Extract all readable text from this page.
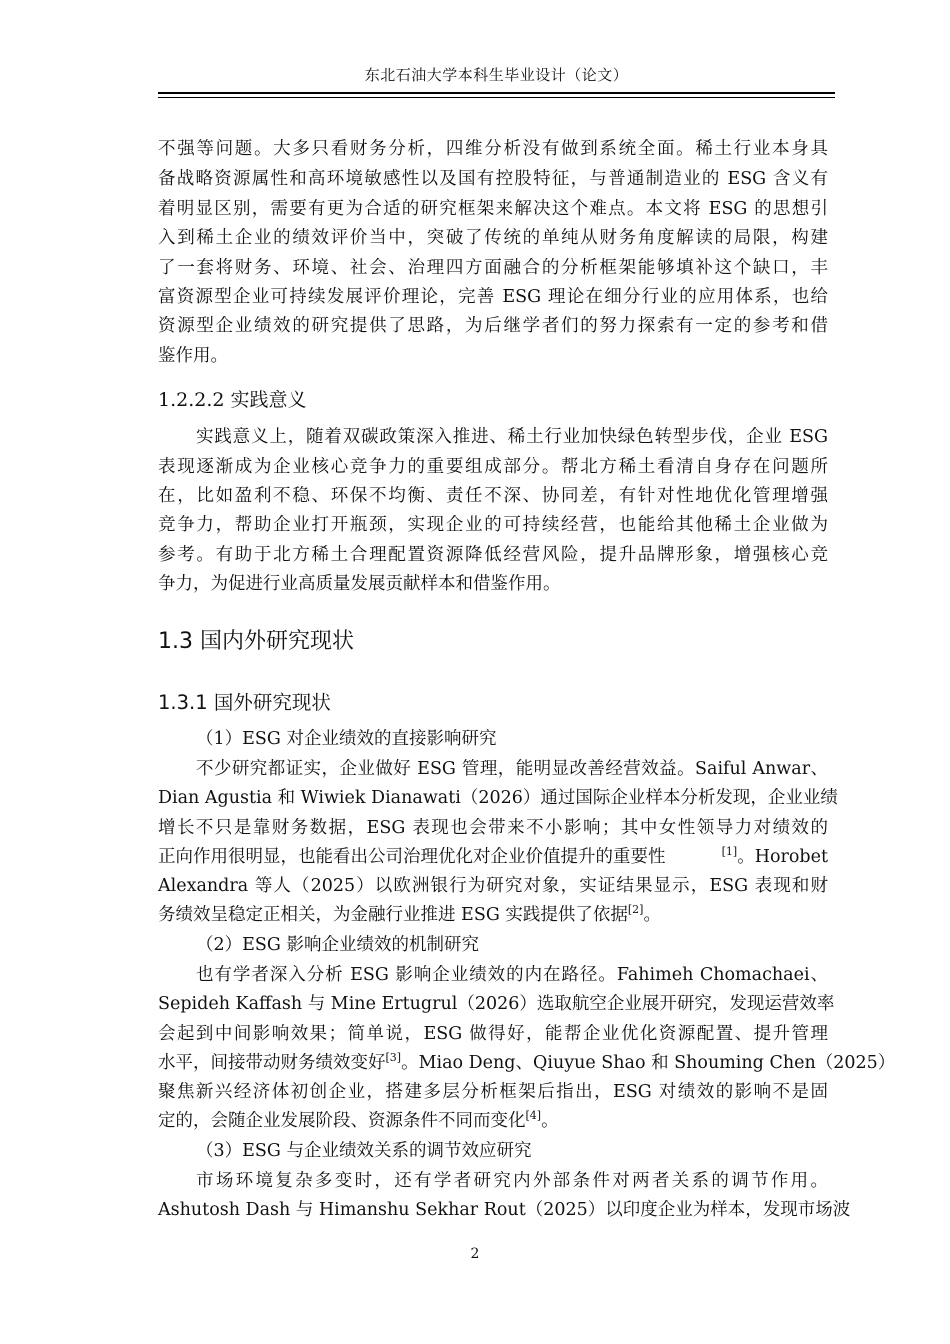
东北石油大学本科生毕业设计（论文）
不强等问题。大多只看财务分析，四维分析没有做到系统全面。稀土行业本身具
备战略资源属性和高环境敏感性以及国有控股特征，与普通制造业的 ESG 含义有
着明显区别，需要有更为合适的研究框架来解决这个难点。本文将 ESG 的思想引
入到稀土企业的绩效评价当中，突破了传统的单纯从财务角度解读的局限，构建
了一套将财务、环境、社会、治理四方面融合的分析框架能够填补这个缺口，丰
富资源型企业可持续发展评价理论，完善 ESG 理论在细分行业的应用体系，也给
资源型企业绩效的研究提供了思路，为后继学者们的努力探索有一定的参考和借
鉴作用。
1.2.2.2 实践意义
实践意义上，随着双碳政策深入推进、稀土行业加快绿色转型步伐，企业 ESG
表现逐渐成为企业核心竞争力的重要组成部分。帮北方稀土看清自身存在问题所
在，比如盈利不稳、环保不均衡、责任不深、协同差，有针对性地优化管理增强
竞争力，帮助企业打开瓶颈，实现企业的可持续经营，也能给其他稀土企业做为
参考。有助于北方稀土合理配置资源降低经营风险，提升品牌形象，增强核心竞
争力，为促进行业高质量发展贡献样本和借鉴作用。
1.3 国内外研究现状
1.3.1 国外研究现状
（1）ESG 对企业绩效的直接影响研究
不少研究都证实，企业做好 ESG 管理，能明显改善经营效益。Saiful Anwar、
Dian Agustia 和 Wiwiek Dianawati（2026）通过国际企业样本分析发现，企业业绩
增长不只是靠财务数据，ESG 表现也会带来不小影响；其中女性领导力对绩效的
正向作用很明显，也能看出公司治理优化对企业价值提升的重要性	[1]。Horobet
Alexandra 等人（2025）以欧洲银行为研究对象，实证结果显示，ESG 表现和财
务绩效呈稳定正相关，为金融行业推进 ESG 实践提供了依据[2]。
（2）ESG 影响企业绩效的机制研究
也有学者深入分析 ESG 影响企业绩效的内在路径。Fahimeh Chomachaei、
Sepideh Kaffash 与 Mine Ertugrul（2026）选取航空企业展开研究，发现运营效率
会起到中间影响效果；简单说，ESG 做得好，能帮企业优化资源配置、提升管理
水平，间接带动财务绩效变好[3] 。Miao Deng、Qiuyue Shao 和 Shouming Chen（2025）
聚焦新兴经济体初创企业，搭建多层分析框架后指出，ESG 对绩效的影响不是固
定的，会随企业发展阶段、资源条件不同而变化[4]。
（3）ESG 与企业绩效关系的调节效应研究
市场环境复杂多变时，还有学者研究内外部条件对两者关系的调节作用。
Ashutosh Dash 与 Himanshu Sekhar Rout（2025）以印度企业为样本，发现市场波
2
